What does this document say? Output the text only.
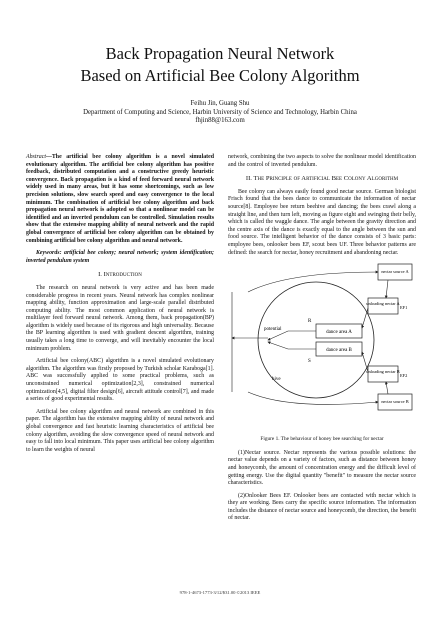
Back Propagation Neural Network
Based on Artificial Bee Colony Algorithm
Feihu Jin, Guang Shu
Department of Computing and Science, Harbin University of Science and Technology, Harbin China
fhjin88@163.com

Abstract—The artificial bee colony algorithm is a novel simulated evolutionary algorithm. The artificial bee colony algorithm has positive feedback, distributed computation and a constructive greedy heuristic convergence. Back propagation is a kind of feed forward neural network widely used in many areas, but it has some shortcomings, such as low precision solutions, slow search speed and easy convergence to the local minimum. The combination of artificial bee colony algorithm and back propagation neural network is adopted so that a nonlinear model can be identified and an inverted pendulum can be controlled. Simulation results show that the extensive mapping ability of neural network and the rapid global convergence of artificial bee colony algorithm can be obtained by combining artificial bee colony algorithm and neural network.

Keywords: artificial bee colony; neural network; system identification; inverted pendulum system

I. Introduction

The research on neural network is very active and has been made considerable progress in recent years. Neural network has complex nonlinear mapping ability, function approximation and large-scale parallel distributed computing ability. The most common application of neural network is multilayer feed forward neural network. Among them, back propagation(BP) algorithm is widely used because of its rigorous and high universality. Because the BP learning algorithm is used with gradient descent algorithm, training usually takes a long time to converge, and will inevitably encounter the local minimum problem.

Artificial bee colony(ABC) algorithm is a novel simulated evolutionary algorithm. The algorithm was firstly proposed by Turkish scholar Karaboga[1]. ABC was successfully applied to some practical problems, such as unconstrained numerical optimization[2,3], constrained numerical optimization[4,5], digital filter design[6], aircraft attitude control[7], and made a series of good experimental results.

Artificial bee colony algorithm and neural network are combined in this paper. The algorithm has the extensive mapping ability of neural network and global convergence and fast heuristic learning characteristics of artificial bee colony algorithm, avoiding the slow convergence speed of neural network and easy to fall into local minimum. This paper uses artificial bee colony algorithm to learn the weights of neural

network, combining the two aspects to solve the nonlinear model identification and the control of inverted pendulum.

II. The Principle of Artificial Bee Colony Algorithm

Bee colony can always easily found good nectar source. German biologist Frisch found that the bees dance to communicate the information of nectar source[8]. Employee bee return beehive and dancing; the bees crawl along a straight line, and then turn left, moving as figure eight and swinging their belly, which is called the waggle dance. The angle between the gravity direction and the centre axis of the dance is exactly equal to the angle between the sun and food source. The intelligent behavior of the dance consists of 3 basic parts: employee bees, onlooker bees EF, scout bees UF. Three behavior patterns are defined: the search for nectar, honey recruitment and abandoning nectar.

dance area A
dance area B
unloading nectar A
unloading nectar B
nectar source A
nectar source B
hive
potential
EF1
EF2
R
S
Figure 1. The behaviour of honey bee searching for nectar

(1)Nectar source. Nectar represents the various possible solutions: the nectar value depends on a variety of factors, such as distance between honey and honeycomb, the amount of concentration energy and the difficult level of getting energy. Use the digital quantity "benefit" to measure the nectar source characteristics.

(2)Onlooker Bees EF. Onlooker bees are contacted with nectar which is they are working. Bees carry the specific source information. The information includes the distance of nectar source and honeycomb, the direction, the benefit of nectar.

978-1-4673-1773-3/12/$31.00 ©2013 IEEE
